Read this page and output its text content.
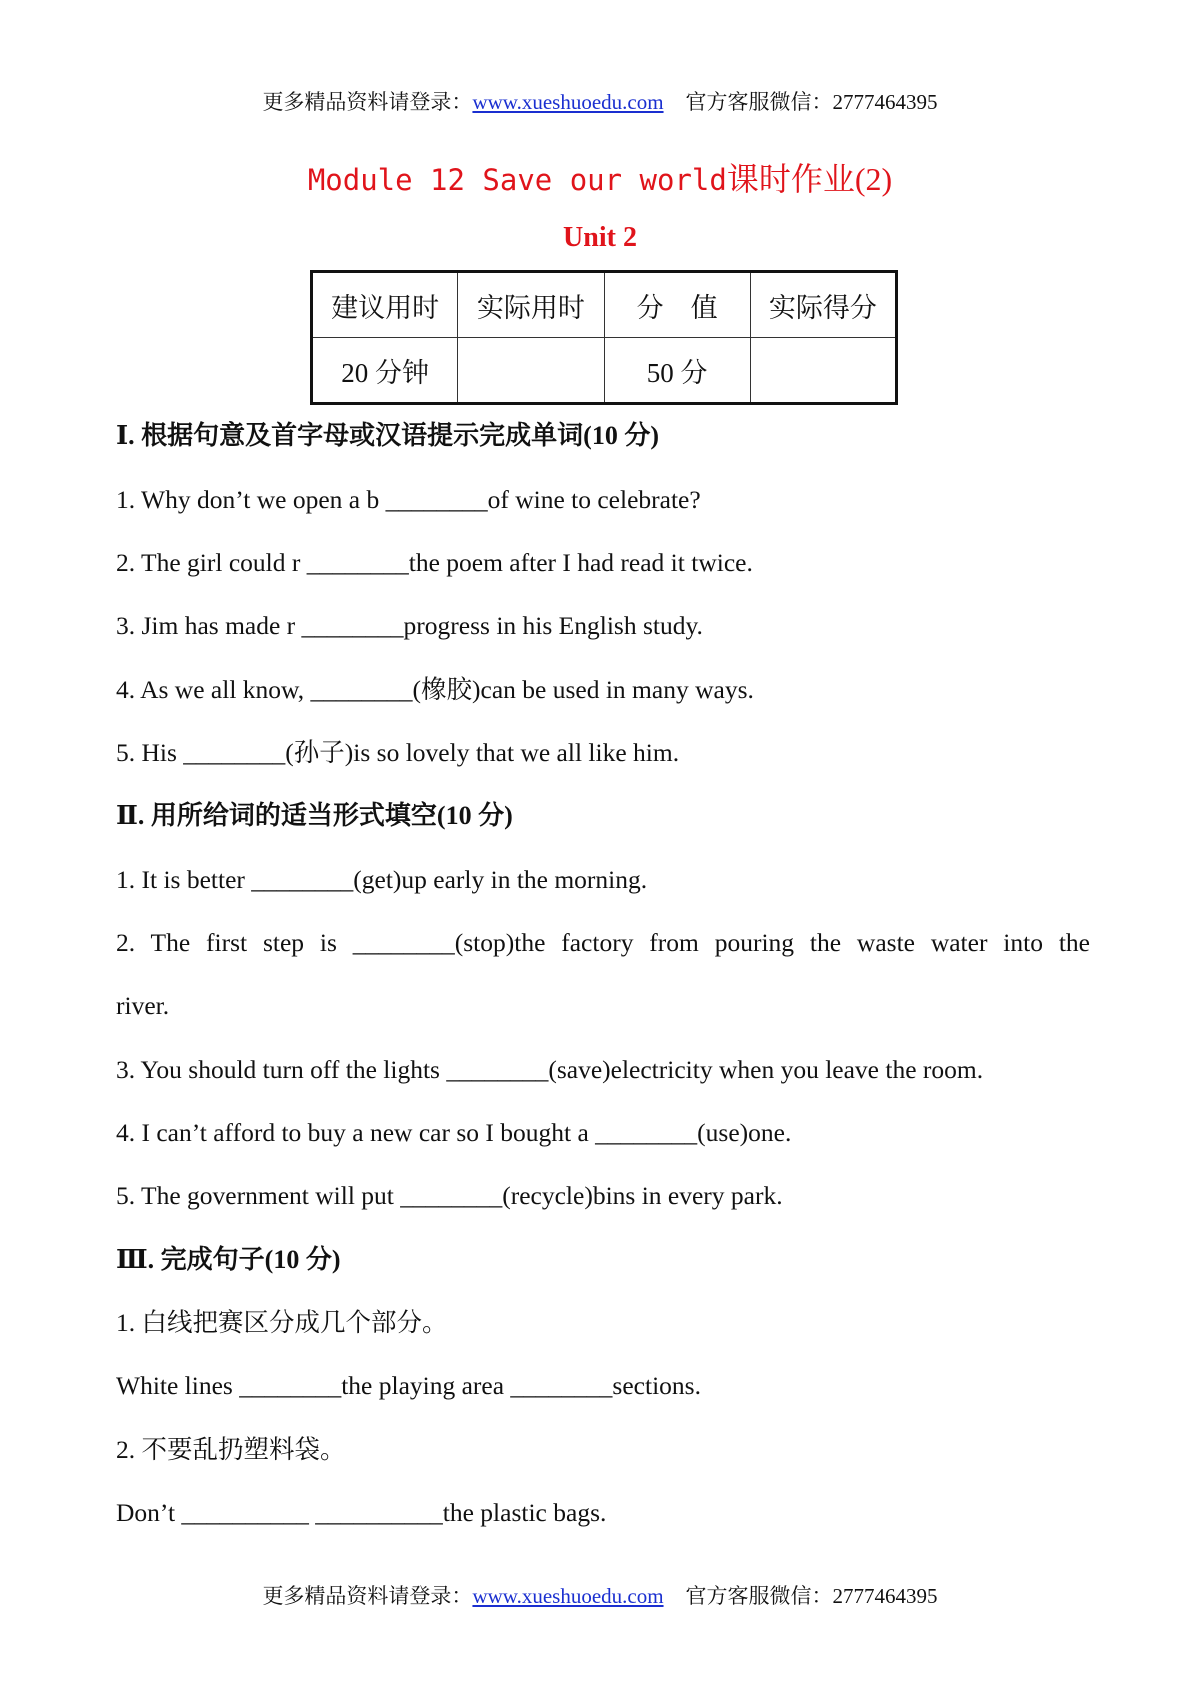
更多精品资料请登录：www.xueshuoedu.com 官方客服微信：2777464395
Module 12 Save our world课时作业(2)
Unit 2
建议用时	实际用时	分　值	实际得分
20 分钟		50 分	
Ⅰ. 根据句意及首字母或汉语提示完成单词(10 分)
1. Why don’t we open a b ________of wine to celebrate?
2. The girl could r ________the poem after I had read it twice.
3. Jim has made r ________progress in his English study.
4. As we all know, ________(橡胶)can be used in many ways.
5. His ________(孙子)is so lovely that we all like him.
Ⅱ. 用所给词的适当形式填空(10 分)
1. It is better ________(get)up early in the morning.
2. The first step is ________(stop)the factory from pouring the waste water into the
river.
3. You should turn off the lights ________(save)electricity when you leave the room.
4. I can’t afford to buy a new car so I bought a ________(use)one.
5. The government will put ________(recycle)bins in every park.
Ⅲ. 完成句子(10 分)
1. 白线把赛区分成几个部分。
White lines ________the playing area ________sections.
2. 不要乱扔塑料袋。
Don’t __________ __________the plastic bags.
更多精品资料请登录：www.xueshuoedu.com 官方客服微信：2777464395
